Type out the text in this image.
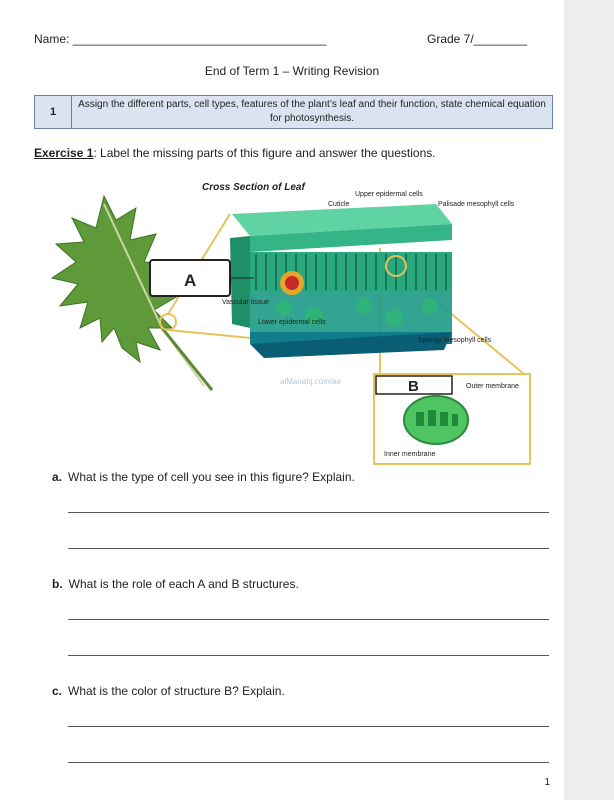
Name: ______________________________________	Grade 7/________
End of Term 1 – Writing Revision
1	Assign the different parts, cell types, features of the plant’s leaf and their function, state chemical equation for photosynthesis.
Exercise 1: Label the missing parts of this figure and answer the questions.
Cross Section of Leaf
Upper epidermal cells
Cuticle	Palisade mesophyll cells
Vascular tissue
Lower epidermal cells
Spongy mesophyll cells
A
B	Outer membrane
Inner membrane
alManahj.com/ae
a. What is the type of cell you see in this figure? Explain.
b. What is the role of each A and B structures.
c. What is the color of structure B? Explain.
1
